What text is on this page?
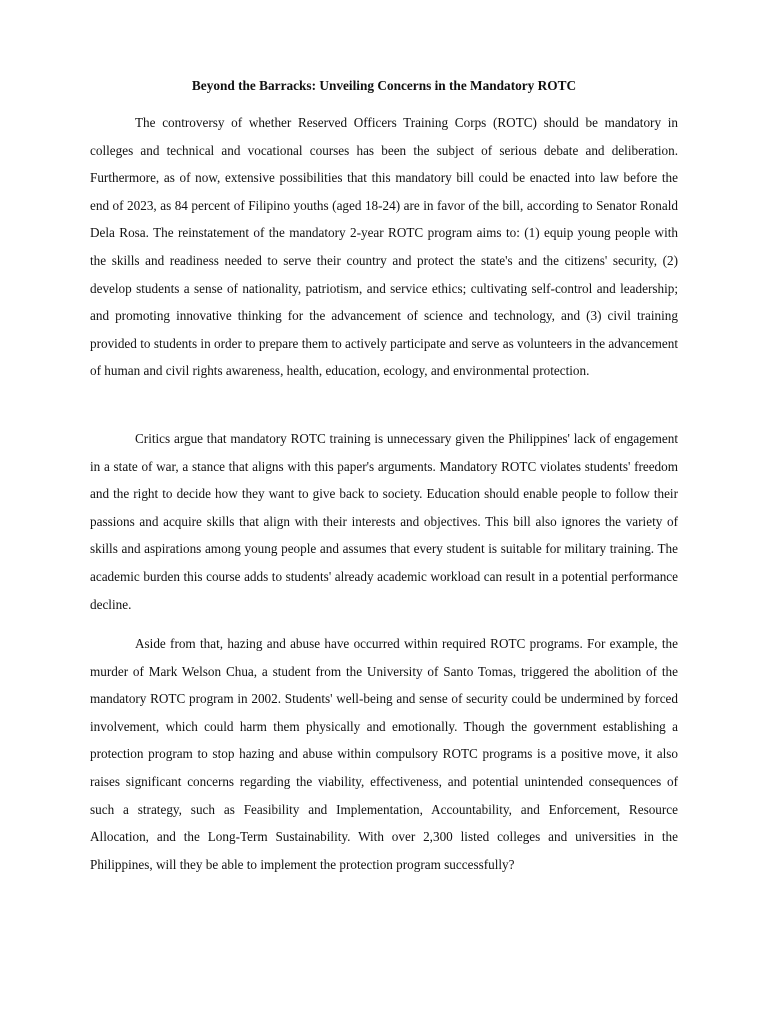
Beyond the Barracks: Unveiling Concerns in the Mandatory ROTC

The controversy of whether Reserved Officers Training Corps (ROTC) should be mandatory in colleges and technical and vocational courses has been the subject of serious debate and deliberation. Furthermore, as of now, extensive possibilities that this mandatory bill could be enacted into law before the end of 2023, as 84 percent of Filipino youths (aged 18-24) are in favor of the bill, according to Senator Ronald Dela Rosa. The reinstatement of the mandatory 2-year ROTC program aims to: (1) equip young people with the skills and readiness needed to serve their country and protect the state's and the citizens' security, (2) develop students a sense of nationality, patriotism, and service ethics; cultivating self-control and leadership; and promoting innovative thinking for the advancement of science and technology, and (3) civil training provided to students in order to prepare them to actively participate and serve as volunteers in the advancement of human and civil rights awareness, health, education, ecology, and environmental protection.

Critics argue that mandatory ROTC training is unnecessary given the Philippines' lack of engagement in a state of war, a stance that aligns with this paper's arguments. Mandatory ROTC violates students' freedom and the right to decide how they want to give back to society. Education should enable people to follow their passions and acquire skills that align with their interests and objectives. This bill also ignores the variety of skills and aspirations among young people and assumes that every student is suitable for military training. The academic burden this course adds to students' already academic workload can result in a potential performance decline.

Aside from that, hazing and abuse have occurred within required ROTC programs. For example, the murder of Mark Welson Chua, a student from the University of Santo Tomas, triggered the abolition of the mandatory ROTC program in 2002. Students' well-being and sense of security could be undermined by forced involvement, which could harm them physically and emotionally. Though the government establishing a protection program to stop hazing and abuse within compulsory ROTC programs is a positive move, it also raises significant concerns regarding the viability, effectiveness, and potential unintended consequences of such a strategy, such as Feasibility and Implementation, Accountability, and Enforcement, Resource Allocation, and the Long-Term Sustainability. With over 2,300 listed colleges and universities in the Philippines, will they be able to implement the protection program successfully?
